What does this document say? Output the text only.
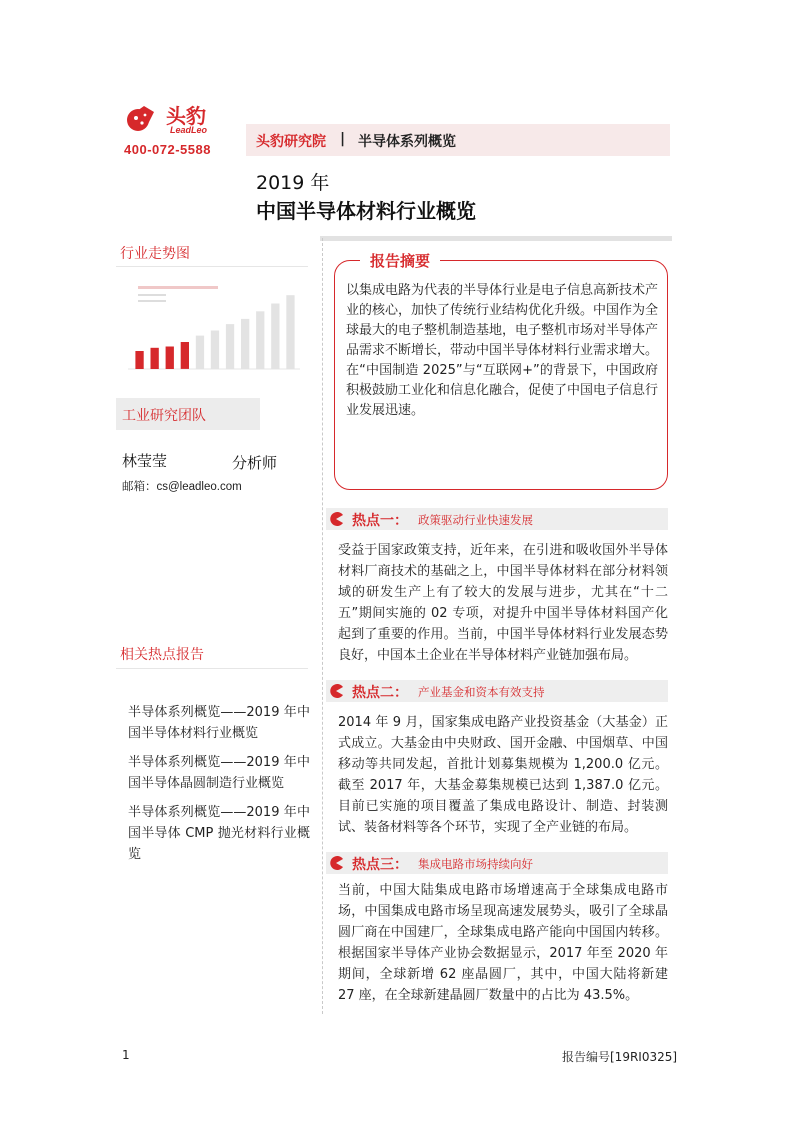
头豹
LeadLeo
400-072-5588	头豹研究院 | 半导体系列概览
2019 年
中国半导体材料行业概览
行业走势图
工业研究团队
林莹莹	分析师
邮箱：cs@leadleo.com
相关热点报告
半导体系列概览——2019 年中国半导体材料行业概览
半导体系列概览——2019 年中国半导体晶圆制造行业概览
半导体系列概览——2019 年中国半导体 CMP 抛光材料行业概览
报告摘要
以集成电路为代表的半导体行业是电子信息高新技术产业的核心，加快了传统行业结构优化升级。中国作为全球最大的电子整机制造基地，电子整机市场对半导体产品需求不断增长，带动中国半导体材料行业需求增大。在“中国制造 2025”与“互联网+”的背景下，中国政府积极鼓励工业化和信息化融合，促使了中国电子信息行业发展迅速。
热点一： 政策驱动行业快速发展
受益于国家政策支持，近年来，在引进和吸收国外半导体材料厂商技术的基础之上，中国半导体材料在部分材料领域的研发生产上有了较大的发展与进步，尤其在“十二五”期间实施的 02 专项，对提升中国半导体材料国产化起到了重要的作用。当前，中国半导体材料行业发展态势良好，中国本土企业在半导体材料产业链加强布局。
热点二： 产业基金和资本有效支持
2014 年 9 月，国家集成电路产业投资基金（大基金）正式成立。大基金由中央财政、国开金融、中国烟草、中国移动等共同发起，首批计划募集规模为 1,200.0 亿元。截至 2017 年，大基金募集规模已达到 1,387.0 亿元。目前已实施的项目覆盖了集成电路设计、制造、封装测试、装备材料等各个环节，实现了全产业链的布局。
热点三： 集成电路市场持续向好
当前，中国大陆集成电路市场增速高于全球集成电路市场，中国集成电路市场呈现高速发展势头，吸引了全球晶圆厂商在中国建厂，全球集成电路产能向中国国内转移。根据国家半导体产业协会数据显示，2017 年至 2020 年期间，全球新增 62 座晶圆厂，其中，中国大陆将新建 27 座，在全球新建晶圆厂数量中的占比为 43.5%。
1	报告编号[19RI0325]
